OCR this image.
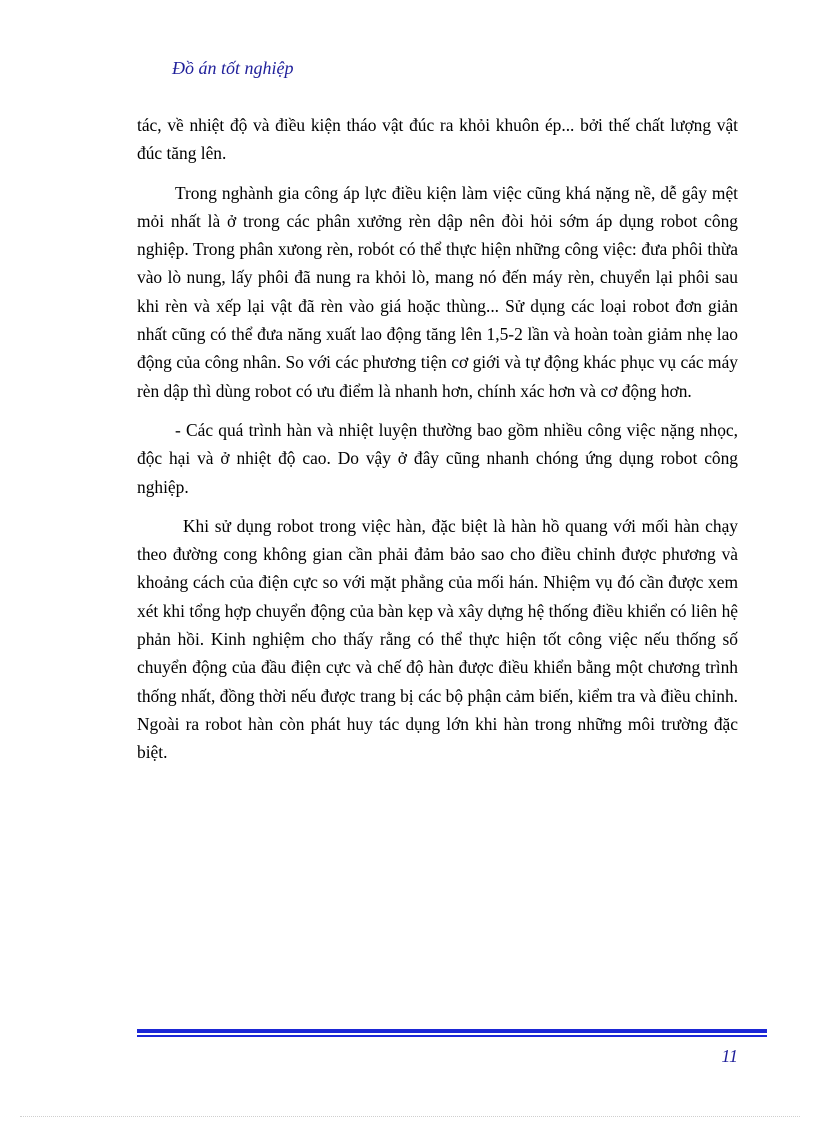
Đồ án tốt nghiệp

tác, về nhiệt độ và điều kiện tháo vật đúc ra khỏi khuôn ép... bởi thế chất lượng vật đúc tăng lên.

Trong nghành gia công áp lực điều kiện làm việc cũng khá nặng nề, dễ gây mệt mỏi nhất là ở trong các phân xưởng rèn dập nên đòi hỏi sớm áp dụng robot công nghiệp. Trong phân xưong rèn, robót có thể thực hiện những công việc: đưa phôi thừa vào lò nung, lấy phôi đã nung ra khỏi lò, mang nó đến máy rèn, chuyển lại phôi sau khi rèn và xếp lại vật đã rèn vào giá hoặc thùng... Sử dụng các loại robot đơn giản nhất cũng có thể đưa năng xuất lao động tăng lên 1,5-2 lần và hoàn toàn giảm nhẹ lao động của công nhân. So với các phương tiện cơ giới và tự động khác phục vụ các máy rèn dập thì dùng robot có ưu điểm là nhanh hơn, chính xác hơn và cơ động hơn.

- Các quá trình hàn và nhiệt luyện thường bao gồm nhiều công việc nặng nhọc, độc hại và ở nhiệt độ cao. Do vậy ở đây cũng nhanh chóng ứng dụng robot công nghiệp.

Khi sử dụng robot trong việc hàn, đặc biệt là hàn hồ quang với mối hàn chạy theo đường cong không gian cần phải đảm bảo sao cho điều chỉnh được phương và khoảng cách của điện cực so với mặt phẳng của mối hán. Nhiệm vụ đó cần được xem xét khi tổng hợp chuyển động của bàn kẹp và xây dựng hệ thống điều khiển có liên hệ phản hồi. Kinh nghiệm cho thấy rằng có thể thực hiện tốt công việc nếu thống số chuyển động của đầu điện cực và chế độ hàn được điều khiển bằng một chương trình thống nhất, đồng thời nếu được trang bị các bộ phận cảm biến, kiểm tra và điều chỉnh. Ngoài ra robot hàn còn phát huy tác dụng lớn khi hàn trong những môi trường đặc biệt.

11
